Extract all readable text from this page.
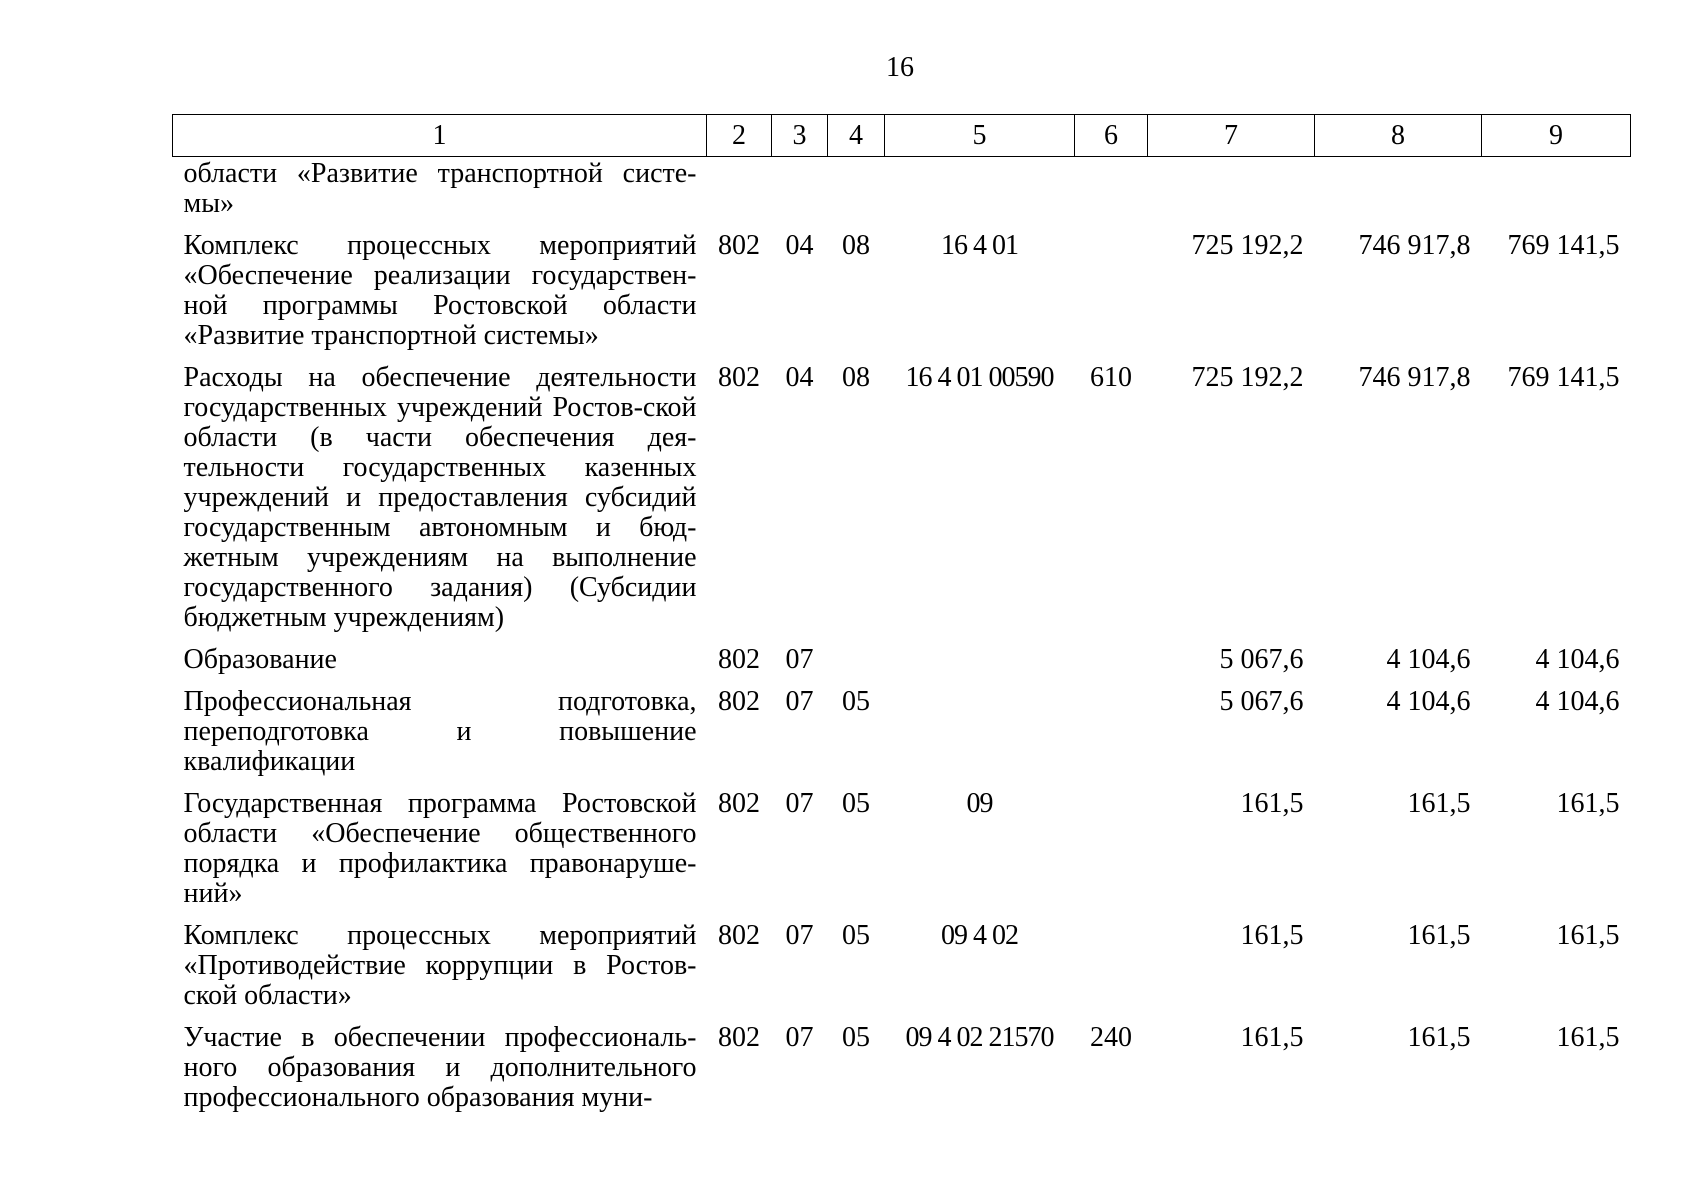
16
1	2	3	4	5	6	7	8	9
области «Развитие транспортной систе-мы»								
Комплекс процессных мероприятий «Обеспечение реализации государствен-ной программы Ростовской области «Развитие транспортной системы»	802	04	08	16 4 01		725 192,2	746 917,8	769 141,5
Расходы на обеспечение деятельности государственных учреждений Ростов-ской области (в части обеспечения дея-тельности государственных казенных учреждений и предоставления субсидий государственным автономным и бюд-жетным учреждениям на выполнение государственного задания) (Субсидии бюджетным учреждениям)	802	04	08	16 4 01 00590	610	725 192,2	746 917,8	769 141,5
Образование	802	07				5 067,6	4 104,6	4 104,6
Профессиональная подготовка, переподготовка и повышение квалификации	802	07	05			5 067,6	4 104,6	4 104,6
Государственная программа Ростовской области «Обеспечение общественного порядка и профилактика правонаруше-ний»	802	07	05	09		161,5	161,5	161,5
Комплекс процессных мероприятий «Противодействие коррупции в Ростов-ской области»	802	07	05	09 4 02		161,5	161,5	161,5
Участие в обеспечении профессиональ-ного образования и дополнительного профессионального образования муни-	802	07	05	09 4 02 21570	240	161,5	161,5	161,5
